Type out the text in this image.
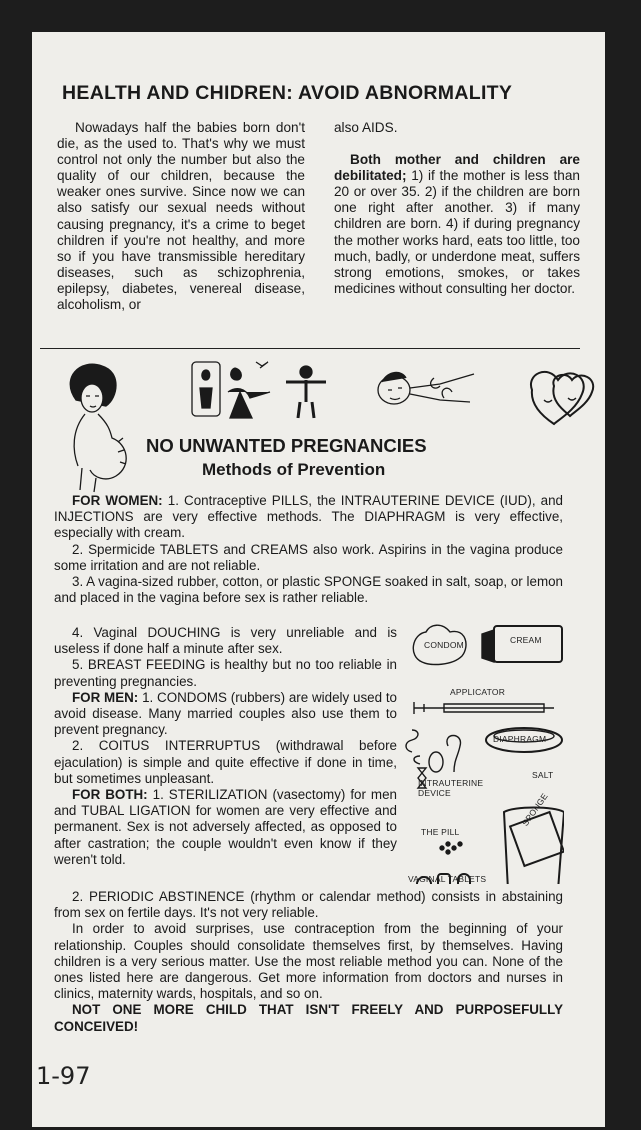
HEALTH AND CHIDREN: AVOID ABNORMALITY

Nowadays half the babies born don't die, as the used to. That's why we must control not only the number but also the quality of our children, because the weaker ones survive. Since now we can also satisfy our sexual needs without causing pregnancy, it's a crime to beget children if you're not healthy, and more so if you have transmissible hereditary diseases, such as schizophrenia, epilepsy, diabetes, venereal disease, alcoholism, or

also AIDS.

Both mother and children are debilitated; 1) if the mother is less than 20 or over 35. 2) if the children are born one right after another. 3) if many children are born. 4) if during pregnancy the mother works hard, eats too little, too much, badly, or underdone meat, suffers strong emotions, smokes, or takes medicines without consulting her doctor.

NO UNWANTED PREGNANCIES
Methods of Prevention

FOR WOMEN: 1. Contraceptive PILLS, the INTRAUTERINE DEVICE (IUD), and INJECTIONS are very effective methods. The DIAPHRAGM is very effective, especially with cream.

2. Spermicide TABLETS and CREAMS also work. Aspirins in the vagina produce some irritation and are not reliable.

3. A vagina-sized rubber, cotton, or plastic SPONGE soaked in salt, soap, or lemon and placed in the vagina before sex is rather reliable.

4. Vaginal DOUCHING is very unreliable and is useless if done half a minute after sex.

5. BREAST FEEDING is healthy but no too reliable in preventing pregnancies.

FOR MEN: 1. CONDOMS (rubbers) are widely used to avoid disease. Many married couples also use them to prevent pregnancy.

2. COITUS INTERRUPTUS (withdrawal before ejaculation) is simple and quite effective if done in time, but sometimes unpleasant.

FOR BOTH: 1. STERILIZATION (vasectomy) for men and TUBAL LIGATION for women are very effective and permanent. Sex is not adversely affected, as opposed to after castration; the couple wouldn't even know if they weren't told.

CONDOM	CREAM
APPLICATOR
DIAPHRAGM
SALT
INTRAUTERINE DEVICE
THE PILL
SPONGE
VAGINAL TABLETS

2. PERIODIC ABSTINENCE (rhythm or calendar method) consists in abstaining from sex on fertile days. It's not very reliable.

In order to avoid surprises, use contraception from the beginning of your relationship. Couples should consolidate themselves first, by themselves. Having children is a very serious matter. Use the most reliable method you can. None of the ones listed here are dangerous. Get more information from doctors and nurses in clinics, maternity wards, hospitals, and so on.

NOT ONE MORE CHILD THAT ISN'T FREELY AND PURPOSEFULLY CONCEIVED!

1-97
